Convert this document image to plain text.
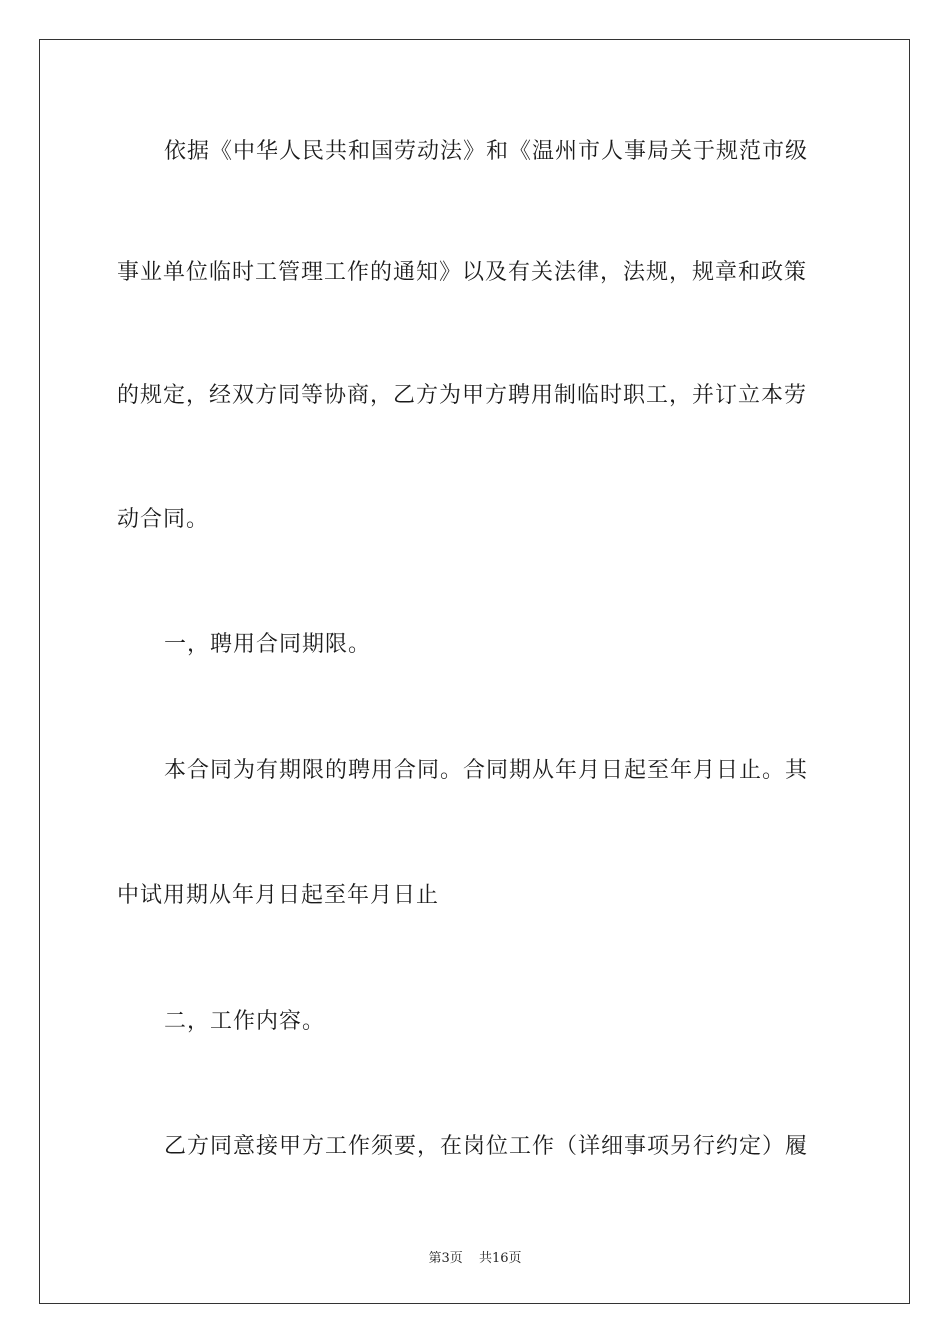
依据《中华人民共和国劳动法》和《温州市人事局关于规范市级
事业单位临时工管理工作的通知》以及有关法律，法规，规章和政策
的规定，经双方同等协商，乙方为甲方聘用制临时职工，并订立本劳
动合同。
一，聘用合同期限。
本合同为有期限的聘用合同。合同期从年月日起至年月日止。其
中试用期从年月日起至年月日止
二，工作内容。
乙方同意接甲方工作须要，在岗位工作（详细事项另行约定）履
第3页 共16页
